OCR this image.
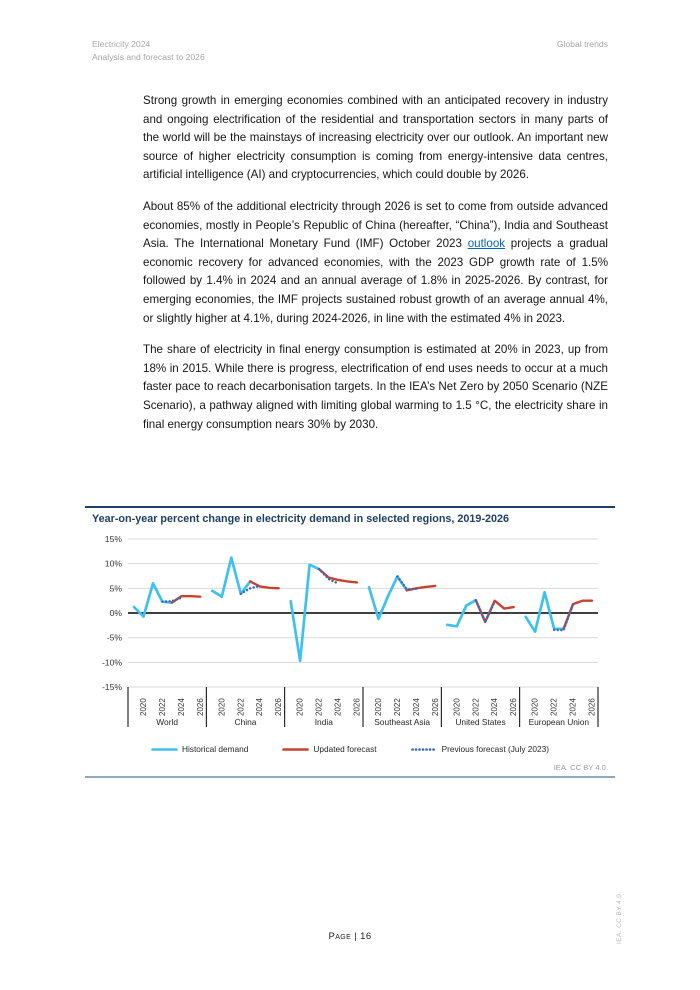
Electricity 2024
Analysis and forecast to 2026
Global trends

Strong growth in emerging economies combined with an anticipated recovery in industry and ongoing electrification of the residential and transportation sectors in many parts of the world will be the mainstays of increasing electricity over our outlook. An important new source of higher electricity consumption is coming from energy-intensive data centres, artificial intelligence (AI) and cryptocurrencies, which could double by 2026.

About 85% of the additional electricity through 2026 is set to come from outside advanced economies, mostly in People’s Republic of China (hereafter, “China”), India and Southeast Asia. The International Monetary Fund (IMF) October 2023 outlook projects a gradual economic recovery for advanced economies, with the 2023 GDP growth rate of 1.5% followed by 1.4% in 2024 and an annual average of 1.8% in 2025-2026. By contrast, for emerging economies, the IMF projects sustained robust growth of an average annual 4%, or slightly higher at 4.1%, during 2024-2026, in line with the estimated 4% in 2023.

The share of electricity in final energy consumption is estimated at 20% in 2023, up from 18% in 2015. While there is progress, electrification of end uses needs to occur at a much faster pace to reach decarbonisation targets. In the IEA’s Net Zero by 2050 Scenario (NZE Scenario), a pathway aligned with limiting global warming to 1.5 °C, the electricity share in final energy consumption nears 30% by 2030.

Year-on-year percent change in electricity demand in selected regions, 2019-2026
15%
10%
5%
0%
-5%
-10%
-15%
2020 2022 2024 2026
World
2020 2022 2024 2026
China
2020 2022 2024 2026
India
2020 2022 2024 2026
Southeast Asia
2020 2022 2024 2026
United States
2020 2022 2024 2026
European Union
Historical demand	Updated forecast	Previous forecast (July 2023)
IEA. CC BY 4.0.
Page | 16	IEA. CC BY 4.0.
